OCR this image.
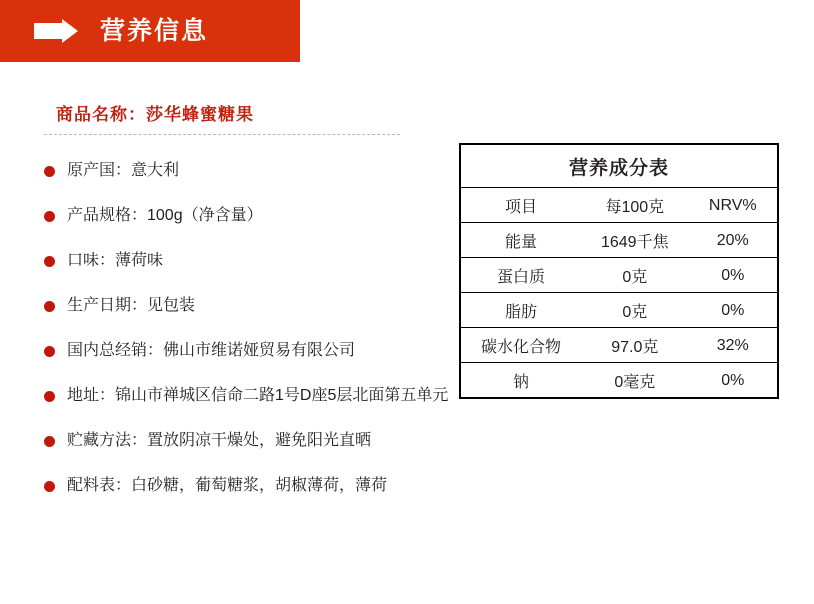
营养信息
商品名称：莎华蜂蜜糖果
原产国：意大利
产品规格：100g（净含量）
口味：薄荷味
生产日期：见包装
国内总经销：佛山市维诺娅贸易有限公司
地址：锦山市禅城区信命二路1号D座5层北面第五单元
贮藏方法：置放阴凉干燥处，避免阳光直晒
配料表：白砂糖，葡萄糖浆，胡椒薄荷，薄荷
营养成分表
项目	每100克	NRV%
能量	1649千焦	20%
蛋白质	0克	0%
脂肪	0克	0%
碳水化合物	97.0克	32%
钠	0毫克	0%
